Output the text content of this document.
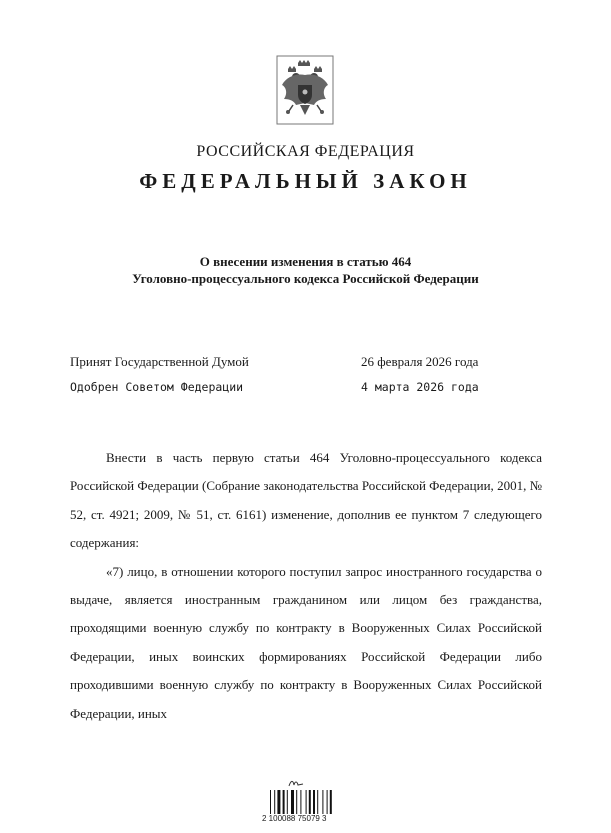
РОССИЙСКАЯ ФЕДЕРАЦИЯ
ФЕДЕРАЛЬНЫЙ ЗАКОН
О внесении изменения в статью 464
Уголовно-процессуального кодекса Российской Федерации
Принят Государственной Думой	26 февраля 2026 года
Одобрен Советом Федерации	4 марта 2026 года

Внести в часть первую статьи 464 Уголовно-процессуального кодекса Российской Федерации (Собрание законодательства Российской Федерации, 2001, № 52, ст. 4921; 2009, № 51, ст. 6161) изменение, дополнив ее пунктом 7 следующего содержания:

«7) лицо, в отношении которого поступил запрос иностранного государства о выдаче, является иностранным гражданином или лицом без гражданства, проходящими военную службу по контракту в Вооруженных Силах Российской Федерации, иных воинских формированиях Российской Федерации либо проходившими военную службу по контракту в Вооруженных Силах Российской Федерации, иных

2 100088 75079 3
